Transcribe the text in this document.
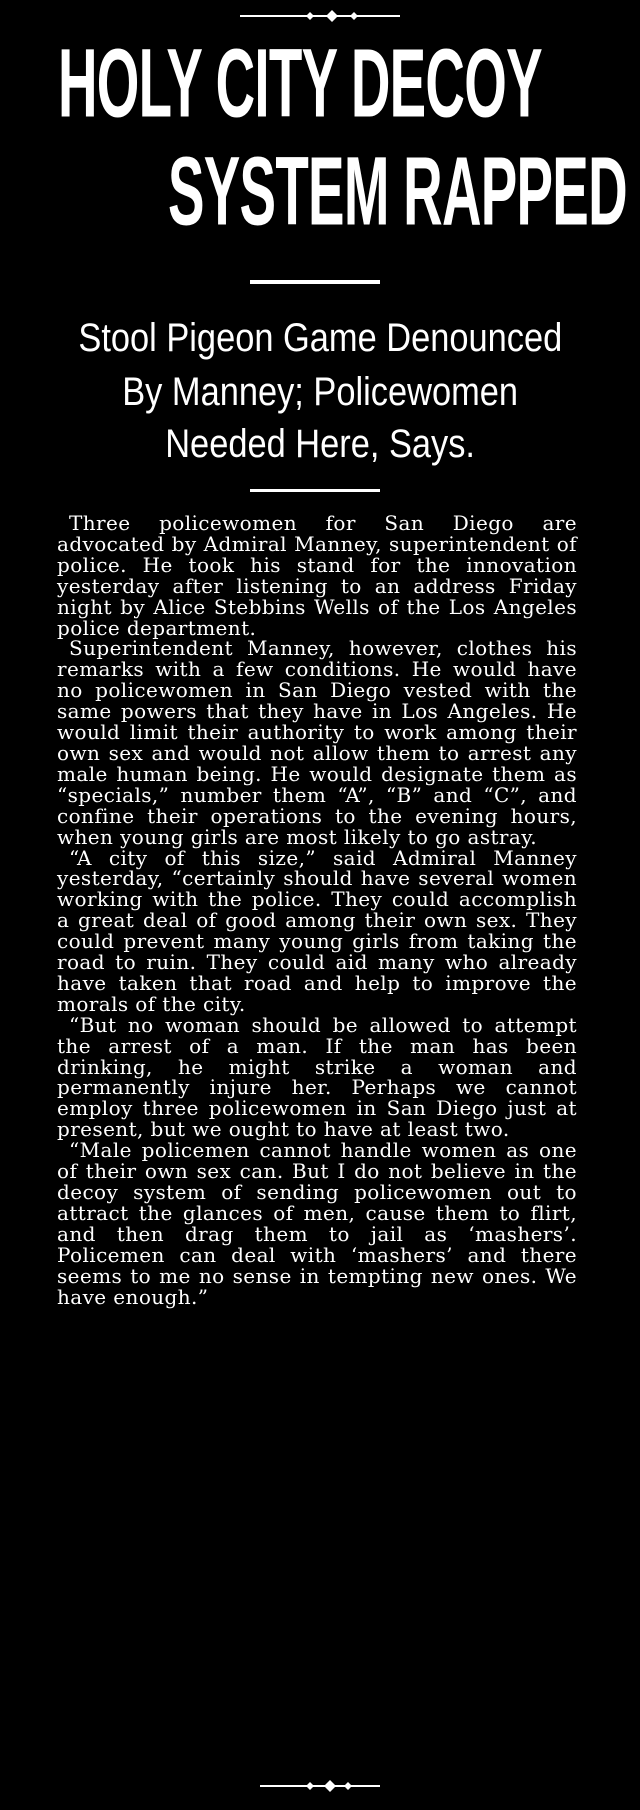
HOLY CITY DECOY
SYSTEM RAPPED
Stool Pigeon Game Denounced
By Manney; Policewomen
Needed Here, Says.

Three policewomen for San Diego are advocated by Admiral Manney, superintendent of police. He took his stand for the innovation yesterday after listening to an address Friday night by Alice Stebbins Wells of the Los Angeles police department.

Superintendent Manney, however, clothes his remarks with a few conditions. He would have no policewomen in San Diego vested with the same powers that they have in Los Angeles. He would limit their authority to work among their own sex and would not allow them to arrest any male human being. He would designate them as “specials,” number them “A”, “B” and “C”, and confine their operations to the evening hours, when young girls are most likely to go astray.

“A city of this size,” said Admiral Manney yesterday, “certainly should have several women working with the police. They could accomplish a great deal of good among their own sex. They could prevent many young girls from taking the road to ruin. They could aid many who already have taken that road and help to improve the morals of the city.

“But no woman should be allowed to attempt the arrest of a man. If the man has been drinking, he might strike a woman and permanently injure her. Perhaps we cannot employ three policewomen in San Diego just at present, but we ought to have at least two.

“Male policemen cannot handle women as one of their own sex can. But I do not believe in the decoy system of sending policewomen out to attract the glances of men, cause them to flirt, and then drag them to jail as ‘mashers’. Policemen can deal with ‘mashers’ and there seems to me no sense in tempting new ones. We have enough.”
